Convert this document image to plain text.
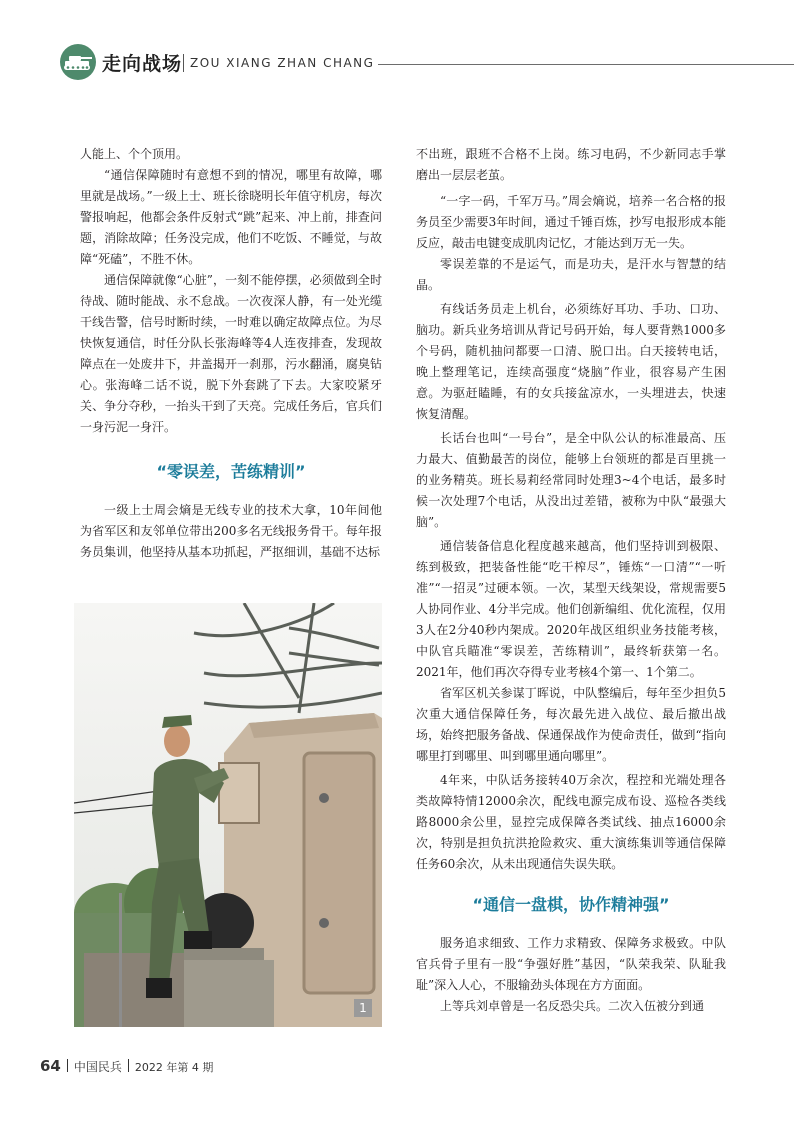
走向战场 ZOU XIANG ZHAN CHANG

人能上、个个顶用。

“通信保障随时有意想不到的情况，哪里有故障，哪里就是战场。”一级上士、班长徐晓明长年值守机房，每次警报响起，他都会条件反射式“跳”起来、冲上前，排查问题，消除故障；任务没完成，他们不吃饭、不睡觉，与故障“死磕”，不胜不休。

通信保障就像“心脏”，一刻不能停摆，必须做到全时待战、随时能战、永不怠战。一次夜深人静，有一处光缆干线告警，信号时断时续，一时难以确定故障点位。为尽快恢复通信，时任分队长张海峰等4人连夜排查，发现故障点在一处废井下，井盖揭开一刹那，污水翻涌，腐臭钻心。张海峰二话不说，脱下外套跳了下去。大家咬紧牙关、争分夺秒，一抬头干到了天亮。完成任务后，官兵们一身污泥一身汗。

“零误差，苦练精训”

一级上士周会熵是无线专业的技术大拿，10年间他为省军区和友邻单位带出200多名无线报务骨干。每年报务员集训，他坚持从基本功抓起，严抠细训，基础不达标

1

不出班，跟班不合格不上岗。练习电码，不少新同志手掌磨出一层层老茧。

“一字一码，千军万马。”周会熵说，培养一名合格的报务员至少需要3年时间，通过千锤百炼，抄写电报形成本能反应，敲击电键变成肌肉记忆，才能达到万无一失。

零误差靠的不是运气，而是功夫，是汗水与智慧的结晶。

有线话务员走上机台，必须练好耳功、手功、口功、脑功。新兵业务培训从背记号码开始，每人要背熟1000多个号码，随机抽问都要一口清、脱口出。白天接转电话，晚上整理笔记，连续高强度“烧脑”作业，很容易产生困意。为驱赶瞌睡，有的女兵接盆凉水，一头埋进去，快速恢复清醒。

长话台也叫“一号台”，是全中队公认的标准最高、压力最大、值勤最苦的岗位，能够上台领班的都是百里挑一的业务精英。班长易莉经常同时处理3~4个电话，最多时候一次处理7个电话，从没出过差错，被称为中队“最强大脑”。

通信装备信息化程度越来越高，他们坚持训到极限、练到极致，把装备性能“吃干榨尽”，锤炼“一口清”“一听准”“一招灵”过硬本领。一次，某型天线架设，常规需要5人协同作业、4分半完成。他们创新编组、优化流程，仅用3人在2分40秒内架成。2020年战区组织业务技能考核，中队官兵瞄准“零误差，苦练精训”，最终斩获第一名。2021年，他们再次夺得专业考核4个第一、1个第二。

省军区机关参谋丁晖说，中队整编后，每年至少担负5次重大通信保障任务，每次最先进入战位、最后撤出战场，始终把服务备战、保通保战作为使命责任，做到“指向哪里打到哪里、叫到哪里通向哪里”。

4年来，中队话务接转40万余次，程控和光端处理各类故障特情12000余次，配线电源完成布设、巡检各类线路8000余公里，显控完成保障各类试线、抽点16000余次，特别是担负抗洪抢险救灾、重大演练集训等通信保障任务60余次，从未出现通信失误失联。

“通信一盘棋，协作精神强”

服务追求细致、工作力求精致、保障务求极致。中队官兵骨子里有一股“争强好胜”基因，“队荣我荣、队耻我耻”深入人心，不服输劲头体现在方方面面。

上等兵刘卓曾是一名反恐尖兵。二次入伍被分到通

64 中国民兵 2022 年第 4 期
